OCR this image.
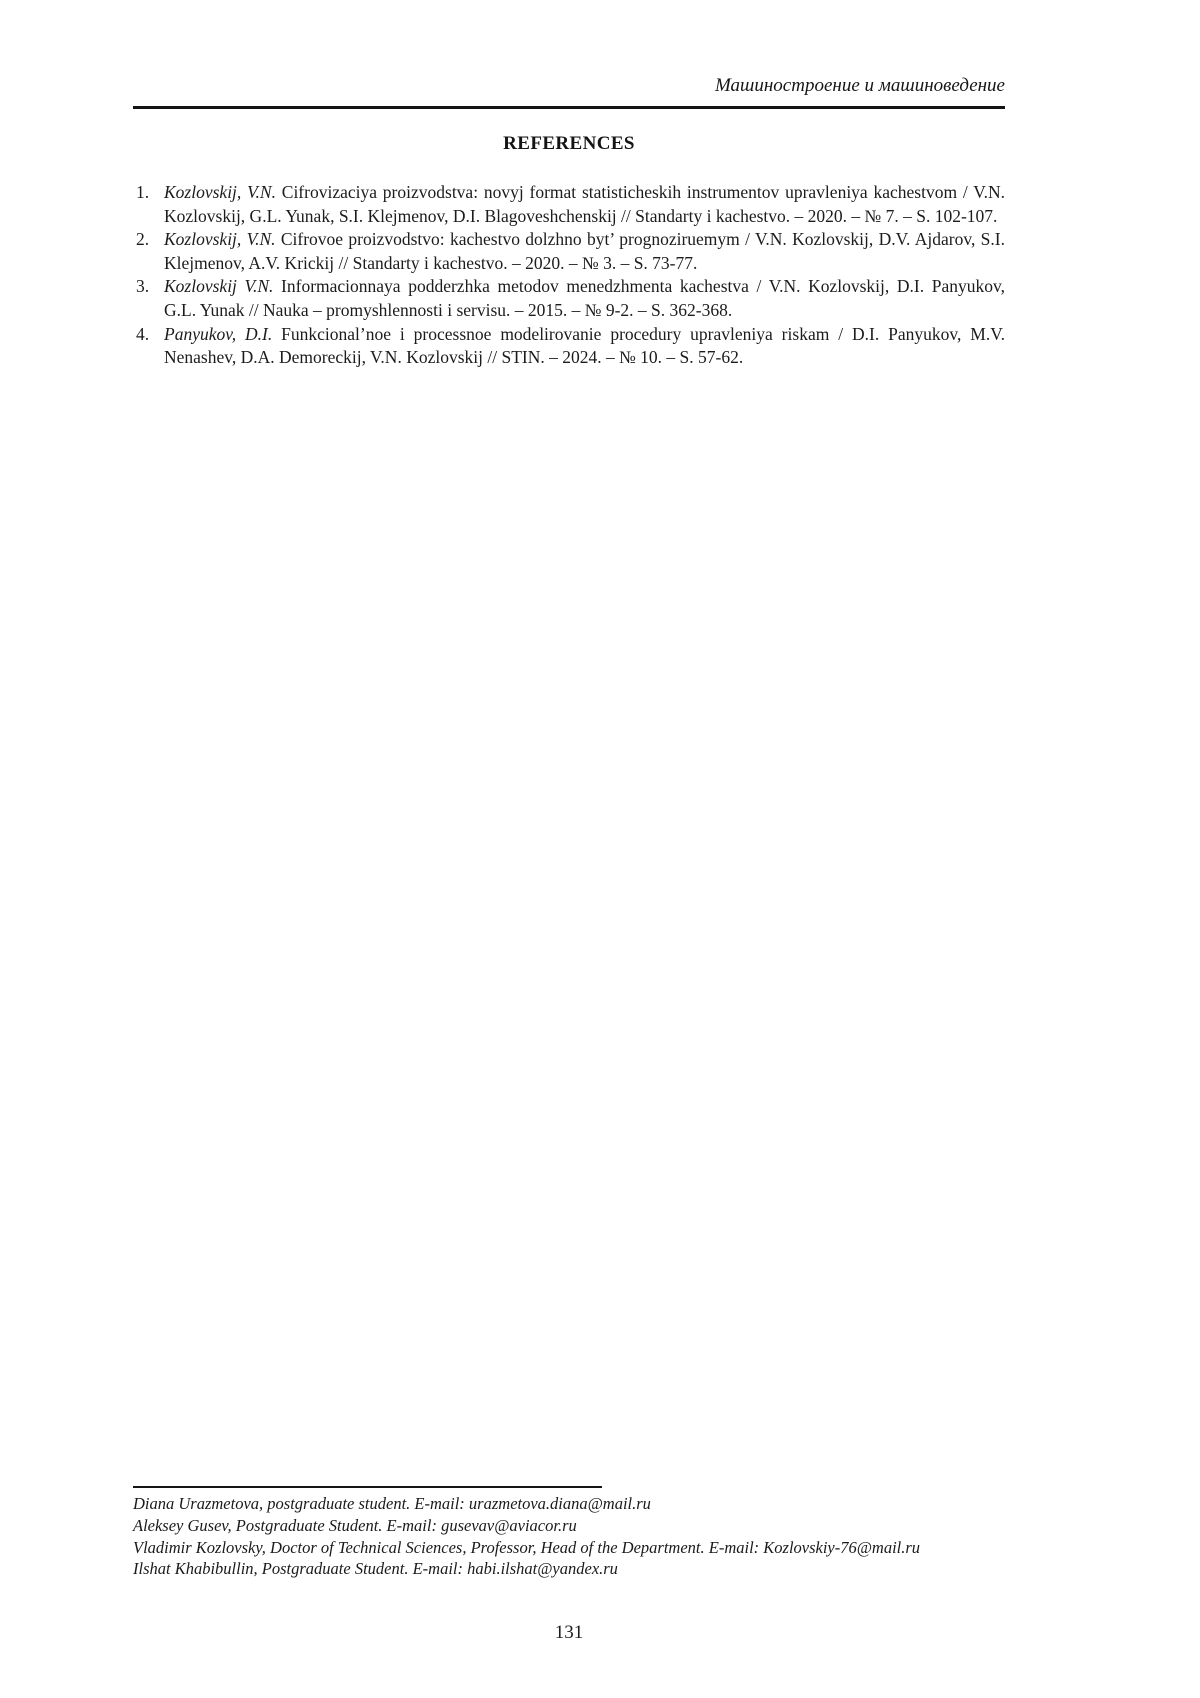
Машиностроение и машиноведение
REFERENCES
1. Kozlovskij, V.N. Cifrovizaciya proizvodstva: novyj format statisticheskih instrumentov upravleniya kachestvom / V.N. Kozlovskij, G.L. Yunak, S.I. Klejmenov, D.I. Blagoveshchenskij // Standarty i kachestvo. – 2020. – № 7. – S. 102-107.
2. Kozlovskij, V.N. Cifrovoe proizvodstvo: kachestvo dolzhno byt’ prognoziruemym / V.N. Kozlovskij, D.V. Ajdarov, S.I. Klejmenov, A.V. Krickij // Standarty i kachestvo. – 2020. – № 3. – S. 73-77.
3. Kozlovskij V.N. Informacionnaya podderzhka metodov menedzhmenta kachestva / V.N. Kozlovskij, D.I. Panyukov, G.L. Yunak // Nauka – promyshlennosti i servisu. – 2015. – № 9-2. – S. 362-368.
4. Panyukov, D.I. Funkcional’noe i processnoe modelirovanie procedury upravleniya riskam / D.I. Panyukov, M.V. Nenashev, D.A. Demoreckij, V.N. Kozlovskij // STIN. – 2024. – № 10. – S. 57-62.
Diana Urazmetova, postgraduate student. E-mail: urazmetova.diana@mail.ru
Aleksey Gusev, Postgraduate Student. E-mail: gusevav@aviacor.ru
Vladimir Kozlovsky, Doctor of Technical Sciences, Professor, Head of the Department. E-mail: Kozlovskiy-76@mail.ru
Ilshat Khabibullin, Postgraduate Student. E-mail: habi.ilshat@yandex.ru
131
